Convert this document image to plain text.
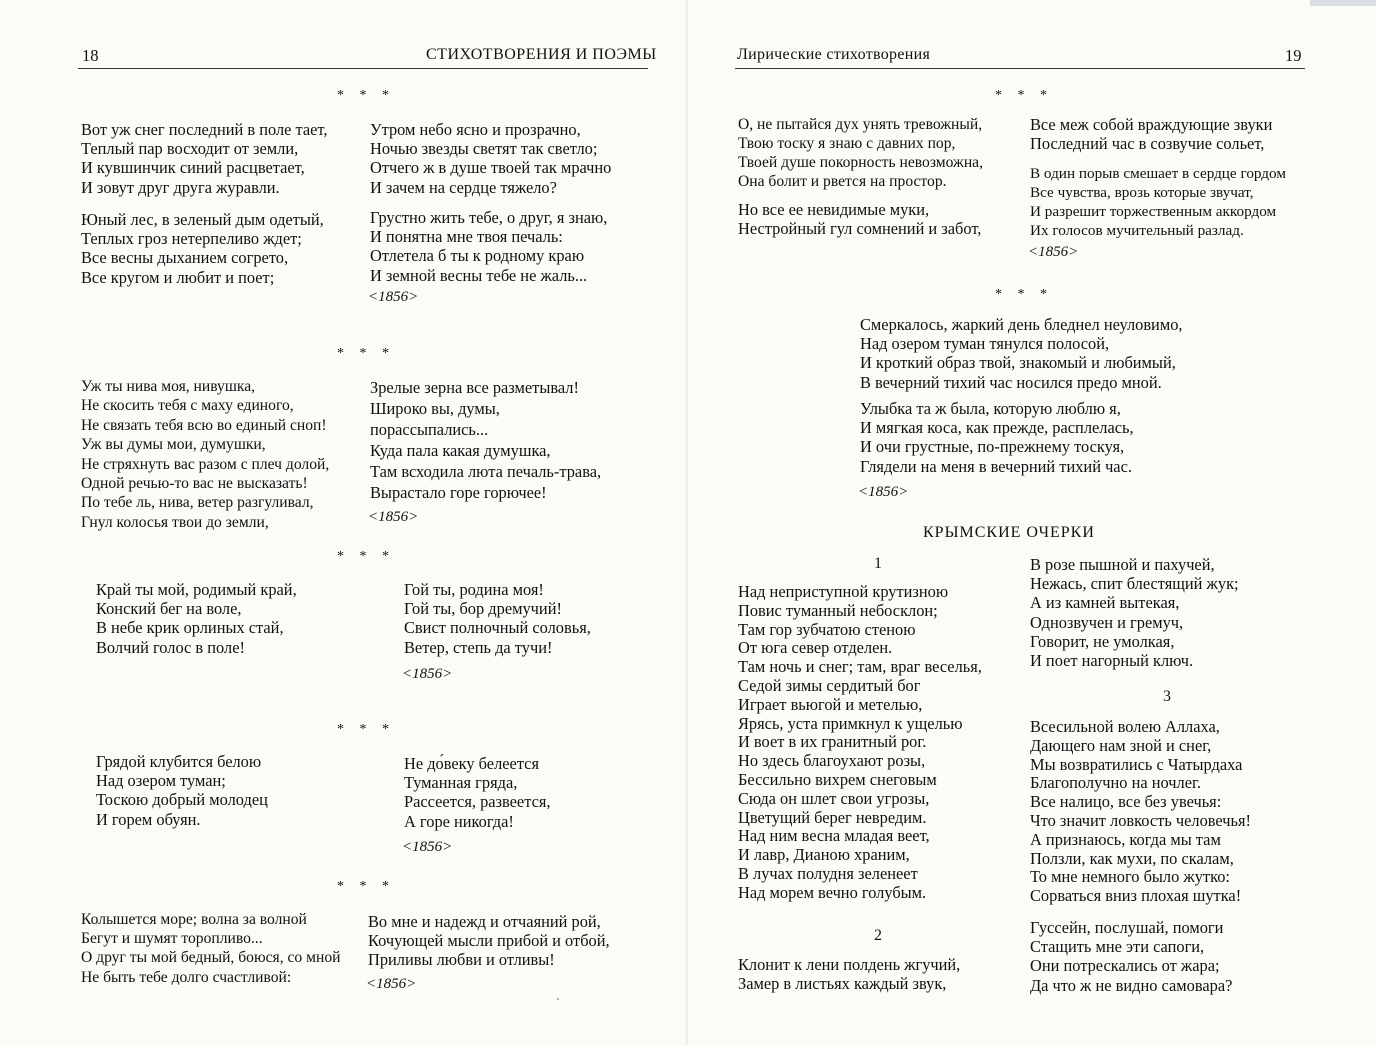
18	СТИХОТВОРЕНИЯ И ПОЭМЫ
* * *
Вот уж снег последний в поле тает,
Теплый пар восходит от земли,
И кувшинчик синий расцветает,
И зовут друг друга журавли.
Юный лес, в зеленый дым одетый,
Теплых гроз нетерпеливо ждет;
Все весны дыханием согрето,
Все кругом и любит и поет;
Утром небо ясно и прозрачно,
Ночью звезды светят так светло;
Отчего ж в душе твоей так мрачно
И зачем на сердце тяжело?
Грустно жить тебе, о друг, я знаю,
И понятна мне твоя печаль:
Отлетела б ты к родному краю
И земной весны тебе не жаль...
<1856>
* * *
Уж ты нива моя, нивушка,
Не скосить тебя с маху единого,
Не связать тебя всю во единый сноп!
Уж вы думы мои, думушки,
Не стряхнуть вас разом с плеч долой,
Одной речью-то вас не высказать!
По тебе ль, нива, ветер разгуливал,
Гнул колосья твои до земли,
Зрелые зерна все разметывал!
Широко вы, думы,
порассыпались...
Куда пала какая думушка,
Там всходила люта печаль-трава,
Вырастало горе горючее!
<1856>
* * *
Край ты мой, родимый край,
Конский бег на воле,
В небе крик орлиных стай,
Волчий голос в поле!
Гой ты, родина моя!
Гой ты, бор дремучий!
Свист полночный соловья,
Ветер, степь да тучи!
<1856>
* * *
Грядой клубится белою
Над озером туман;
Тоскою добрый молодец
И горем обуян.
Не до́веку белеется
Туманная гряда,
Рассеется, развеется,
А горе никогда!
<1856>
* * *
Колышется море; волна за волной
Бегут и шумят торопливо...
О друг ты мой бедный, боюся, со мной
Не быть тебе долго счастливой:
Во мне и надежд и отчаяний рой,
Кочующей мысли прибой и отбой,
Приливы любви и отливы!
<1856>
Лирические стихотворения	19
* * *
О, не пытайся дух унять тревожный,
Твою тоску я знаю с давних пор,
Твоей душе покорность невозможна,
Она болит и рвется на простор.
Но все ее невидимые муки,
Нестройный гул сомнений и забот,
Все меж собой враждующие звуки
Последний час в созвучие сольет,
В один порыв смешает в сердце гордом
Все чувства, врозь которые звучат,
И разрешит торжественным аккордом
Их голосов мучительный разлад.
<1856>
* * *
Смеркалось, жаркий день бледнел неуловимо,
Над озером туман тянулся полосой,
И кроткий образ твой, знакомый и любимый,
В вечерний тихий час носился предо мной.
Улыбка та ж была, которую люблю я,
И мягкая коса, как прежде, расплелась,
И очи грустные, по-прежнему тоскуя,
Глядели на меня в вечерний тихий час.
<1856>
КРЫМСКИЕ ОЧЕРКИ
1
Над неприступной крутизною
Повис туманный небосклон;
Там гор зубчатою стеною
От юга север отделен.
Там ночь и снег; там, враг веселья,
Седой зимы сердитый бог
Играет вьюгой и метелью,
Ярясь, уста примкнул к ущелью
И воет в их гранитный рог.
Но здесь благоухают розы,
Бессильно вихрем снеговым
Сюда он шлет свои угрозы,
Цветущий берег невредим.
Над ним весна младая веет,
И лавр, Дианою храним,
В лучах полудня зеленеет
Над морем вечно голубым.
2
Клонит к лени полдень жгучий,
Замер в листьях каждый звук,
В розе пышной и пахучей,
Нежась, спит блестящий жук;
А из камней вытекая,
Однозвучен и гремуч,
Говорит, не умолкая,
И поет нагорный ключ.
3
Всесильной волею Аллаха,
Дающего нам зной и снег,
Мы возвратились с Чатырдаха
Благополучно на ночлег.
Все налицо, все без увечья:
Что значит ловкость человечья!
А признаюсь, когда мы там
Ползли, как мухи, по скалам,
То мне немного было жутко:
Сорваться вниз плохая шутка!
Гуссейн, послушай, помоги
Стащить мне эти сапоги,
Они потрескались от жара;
Да что ж не видно самовара?
